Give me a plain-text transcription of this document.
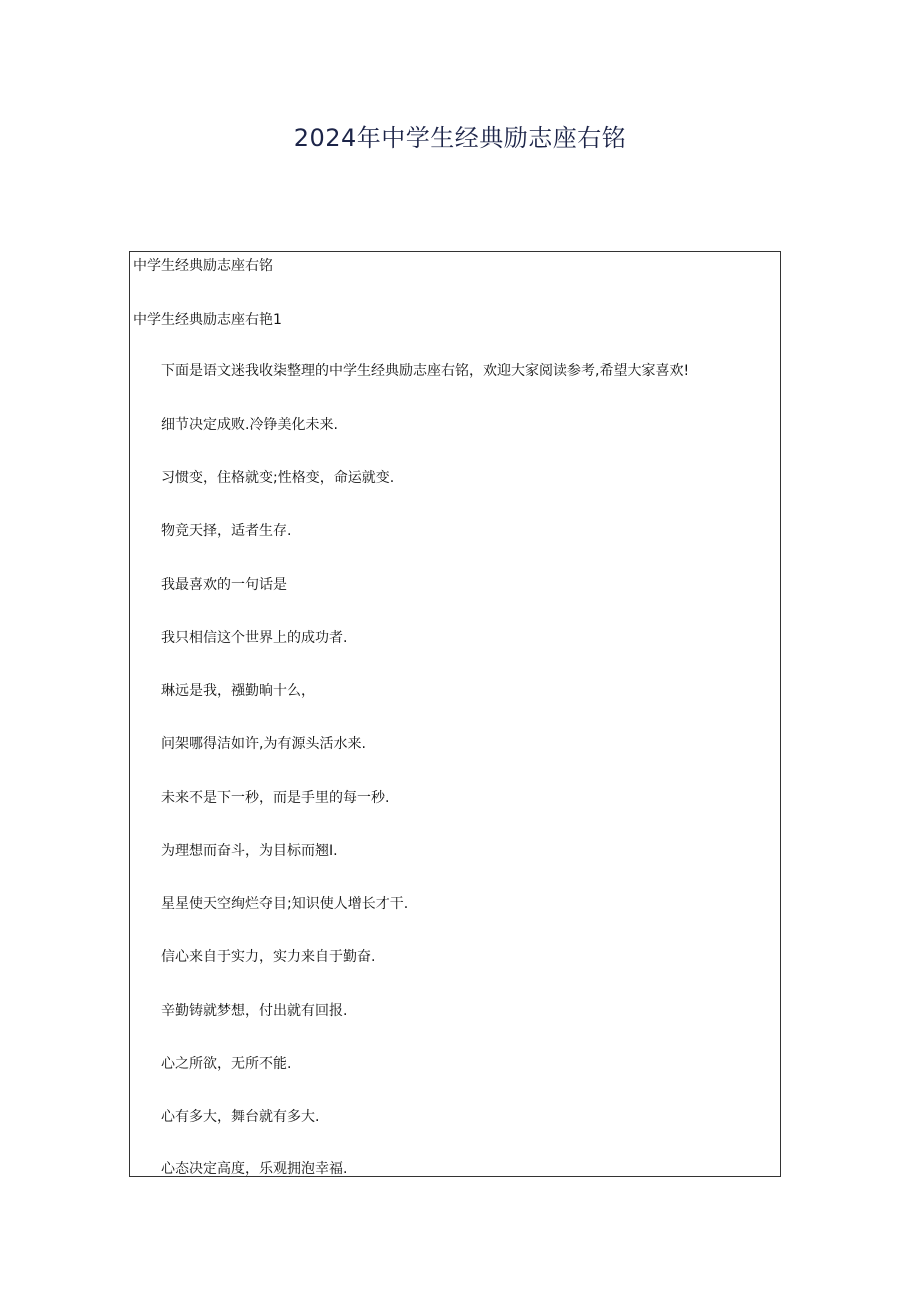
2024年中学生经典励志座右铭
中学生经典励志座右铭
中学生经典励志座右艳1
下面是语文迷我收柒整理的中学生经典励志座右铭，欢迎大家阅读参考,希望大家喜欢!
细节决定成败.冷铮美化未来.
习惯变，住格就变;性格变，命运就变.
物竞天择，适者生存.
我最喜欢的一句话是
我只相信这个世界上的成功者.
琳远是我，襁勤晌十么，
问架哪得洁如许,为有源头活水来.
未来不是下一秒，而是手里的每一秒.
为理想而奋斗，为目标而翘I.
星星使天空绚烂夺目;知识使人增长才干.
信心来自于实力，实力来自于勤奋.
辛勤铸就梦想，付出就有回报.
心之所欲，无所不能.
心有多大，舞台就有多大.
心态决定高度，乐观拥泡幸福.
